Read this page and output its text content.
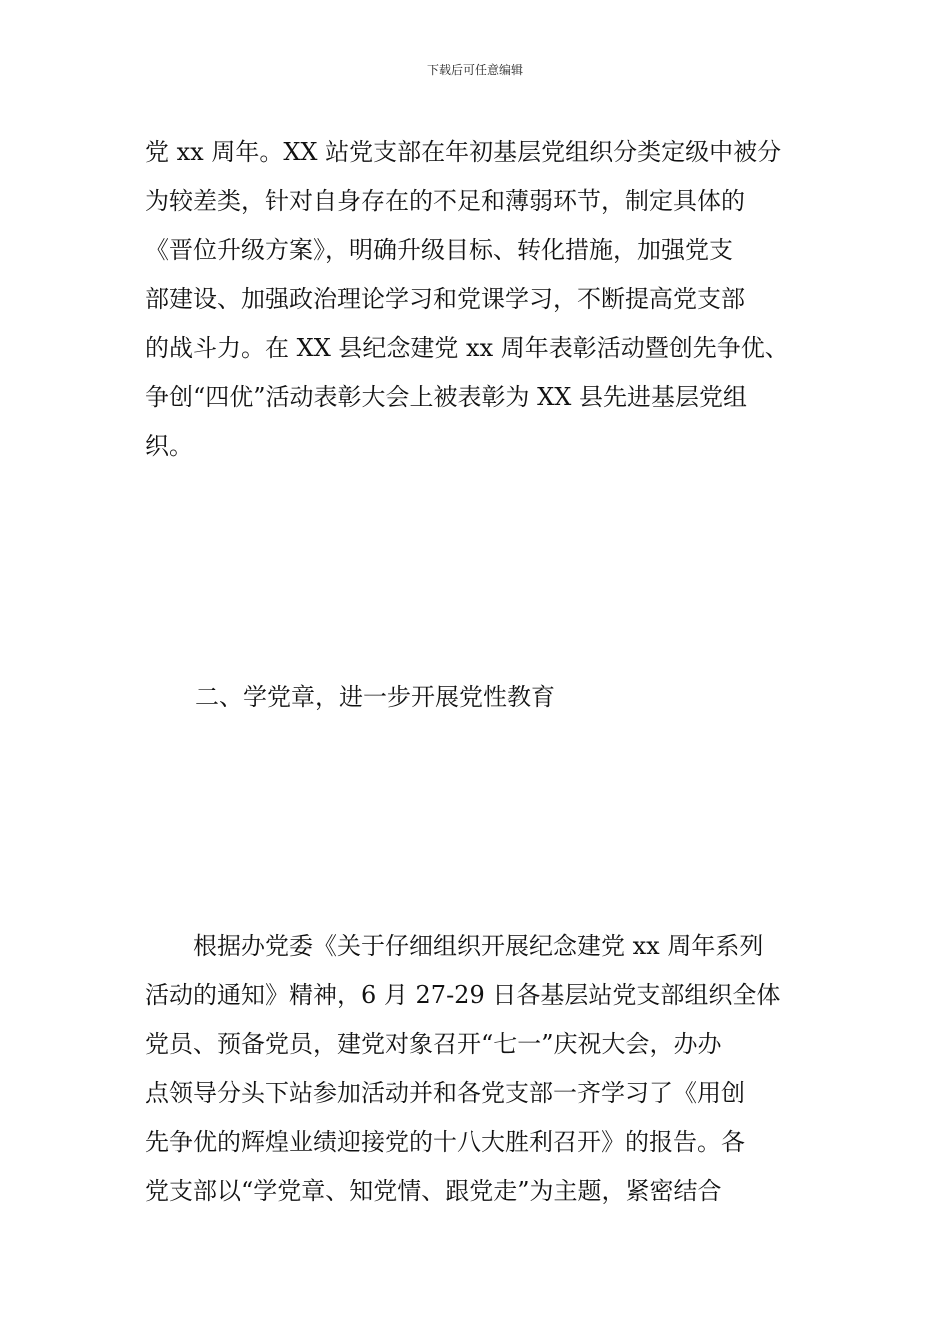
下载后可任意编辑
党 xx 周年。XX 站党支部在年初基层党组织分类定级中被分
为较差类，针对自身存在的不足和薄弱环节，制定具体的
《晋位升级方案》，明确升级目标、转化措施，加强党支
部建设、加强政治理论学习和党课学习，不断提高党支部
的战斗力。在 XX 县纪念建党 xx 周年表彰活动暨创先争优、
争创“四优”活动表彰大会上被表彰为 XX 县先进基层党组
织。
二、学党章，进一步开展党性教育
　　根据办党委《关于仔细组织开展纪念建党 xx 周年系列
活动的通知》精神，6 月 27-29 日各基层站党支部组织全体
党员、预备党员，建党对象召开“七一”庆祝大会，办办
点领导分头下站参加活动并和各党支部一齐学习了《用创
先争优的辉煌业绩迎接党的十八大胜利召开》的报告。各
党支部以“学党章、知党情、跟党走”为主题，紧密结合
